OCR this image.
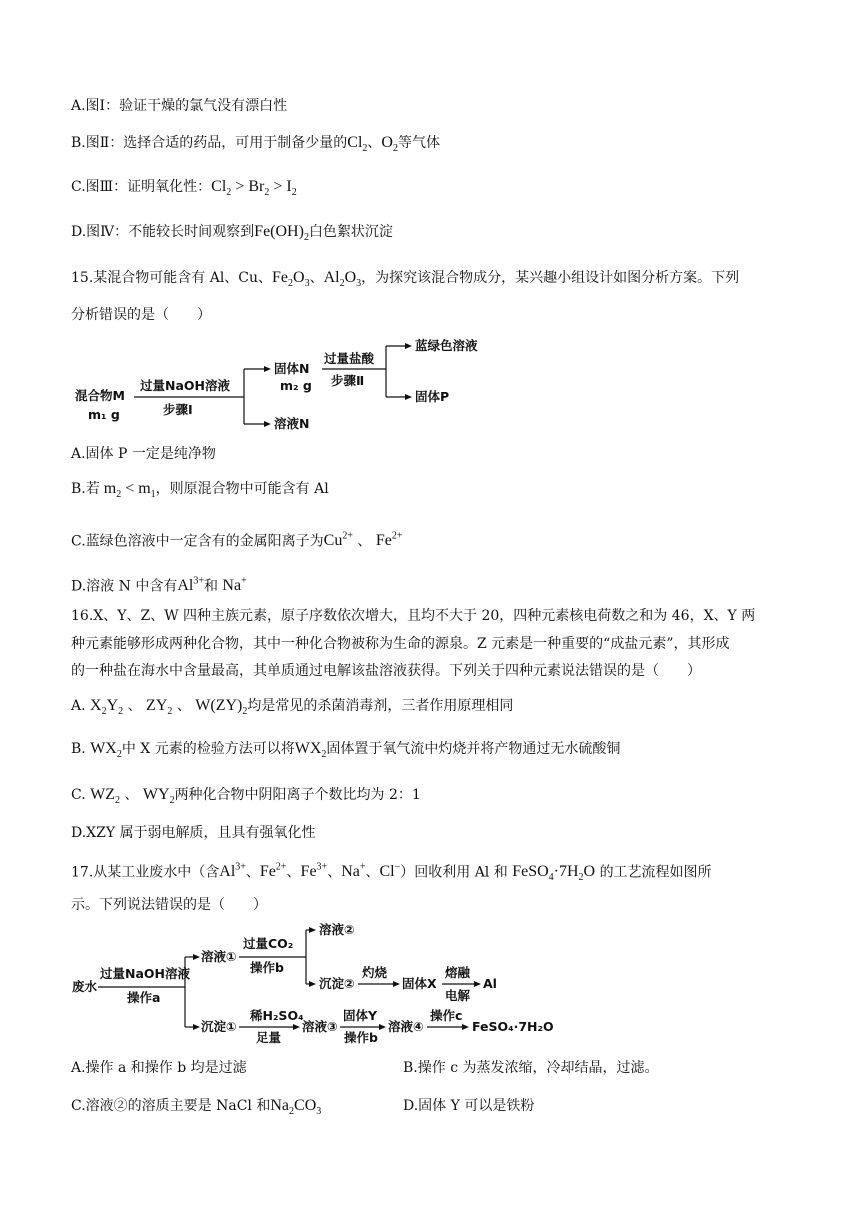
A.图Ⅰ：验证干燥的氯气没有漂白性
B.图Ⅱ：选择合适的药品，可用于制备少量的$Cl_2$、$O_2$等气体
C.图Ⅲ：证明氧化性：$Cl_2 > Br_2 > I_2$
D.图Ⅳ：不能较长时间观察到$Fe(OH)_2$白色絮状沉淀
15.某混合物可能含有 Al、Cu、$Fe_2O_3$、$Al_2O_3$，为探究该混合物成分，某兴趣小组设计如图分析方案。下列
分析错误的是（　　）
混合物M
m₁ g
过量NaOH溶液
步骤Ⅰ
固体N
m₂ g
溶液N
过量盐酸
步骤Ⅱ
蓝绿色溶液
固体P
A.固体 P 一定是纯净物
B.若 $m_2 < m_1$，则原混合物中可能含有 Al
C.蓝绿色溶液中一定含有的金属阳离子为$Cu^{2+}$ 、 $Fe^{2+}$
D.溶液 N 中含有$Al^{3+}$和 Na+
16.X、Y、Z、W 四种主族元素，原子序数依次增大，且均不大于 20，四种元素核电荷数之和为 46，X、Y 两
种元素能够形成两种化合物，其中一种化合物被称为生命的源泉。Z 元素是一种重要的“成盐元素”，其形成
的一种盐在海水中含量最高，其单质通过电解该盐溶液获得。下列关于四种元素说法错误的是（　　）
A. $X_2Y_2$ 、 $ZY_2$ 、 $W(ZY)_2$均是常见的杀菌消毒剂，三者作用原理相同
B. $WX_2$中 X 元素的检验方法可以将$WX_2$固体置于氧气流中灼烧并将产物通过无水硫酸铜
C. $WZ_2$ 、 $WY_2$两种化合物中阴阳离子个数比均为 2：1
D.XZY 属于弱电解质，且具有强氧化性
17.从某工业废水中（含$Al^{3+}$、$Fe^{2+}$、$Fe^{3+}$、Na+、Cl−）回收利用 Al 和 $FeSO_4\cdot 7H_2O$ 的工艺流程如图所
示。下列说法错误的是（　　）
废水
过量NaOH溶液
操作a
溶液①
过量CO₂
操作b
溶液②
沉淀②
灼烧
固体X
熔融
电解
Al
沉淀①
稀H₂SO₄
足量
溶液③
固体Y
操作b
溶液④
操作c
FeSO₄·7H₂O
A.操作 a 和操作 b 均是过滤	B.操作 c 为蒸发浓缩，冷却结晶，过滤。
C.溶液②的溶质主要是 NaCl 和$Na_2CO_3$	D.固体 Y 可以是铁粉
